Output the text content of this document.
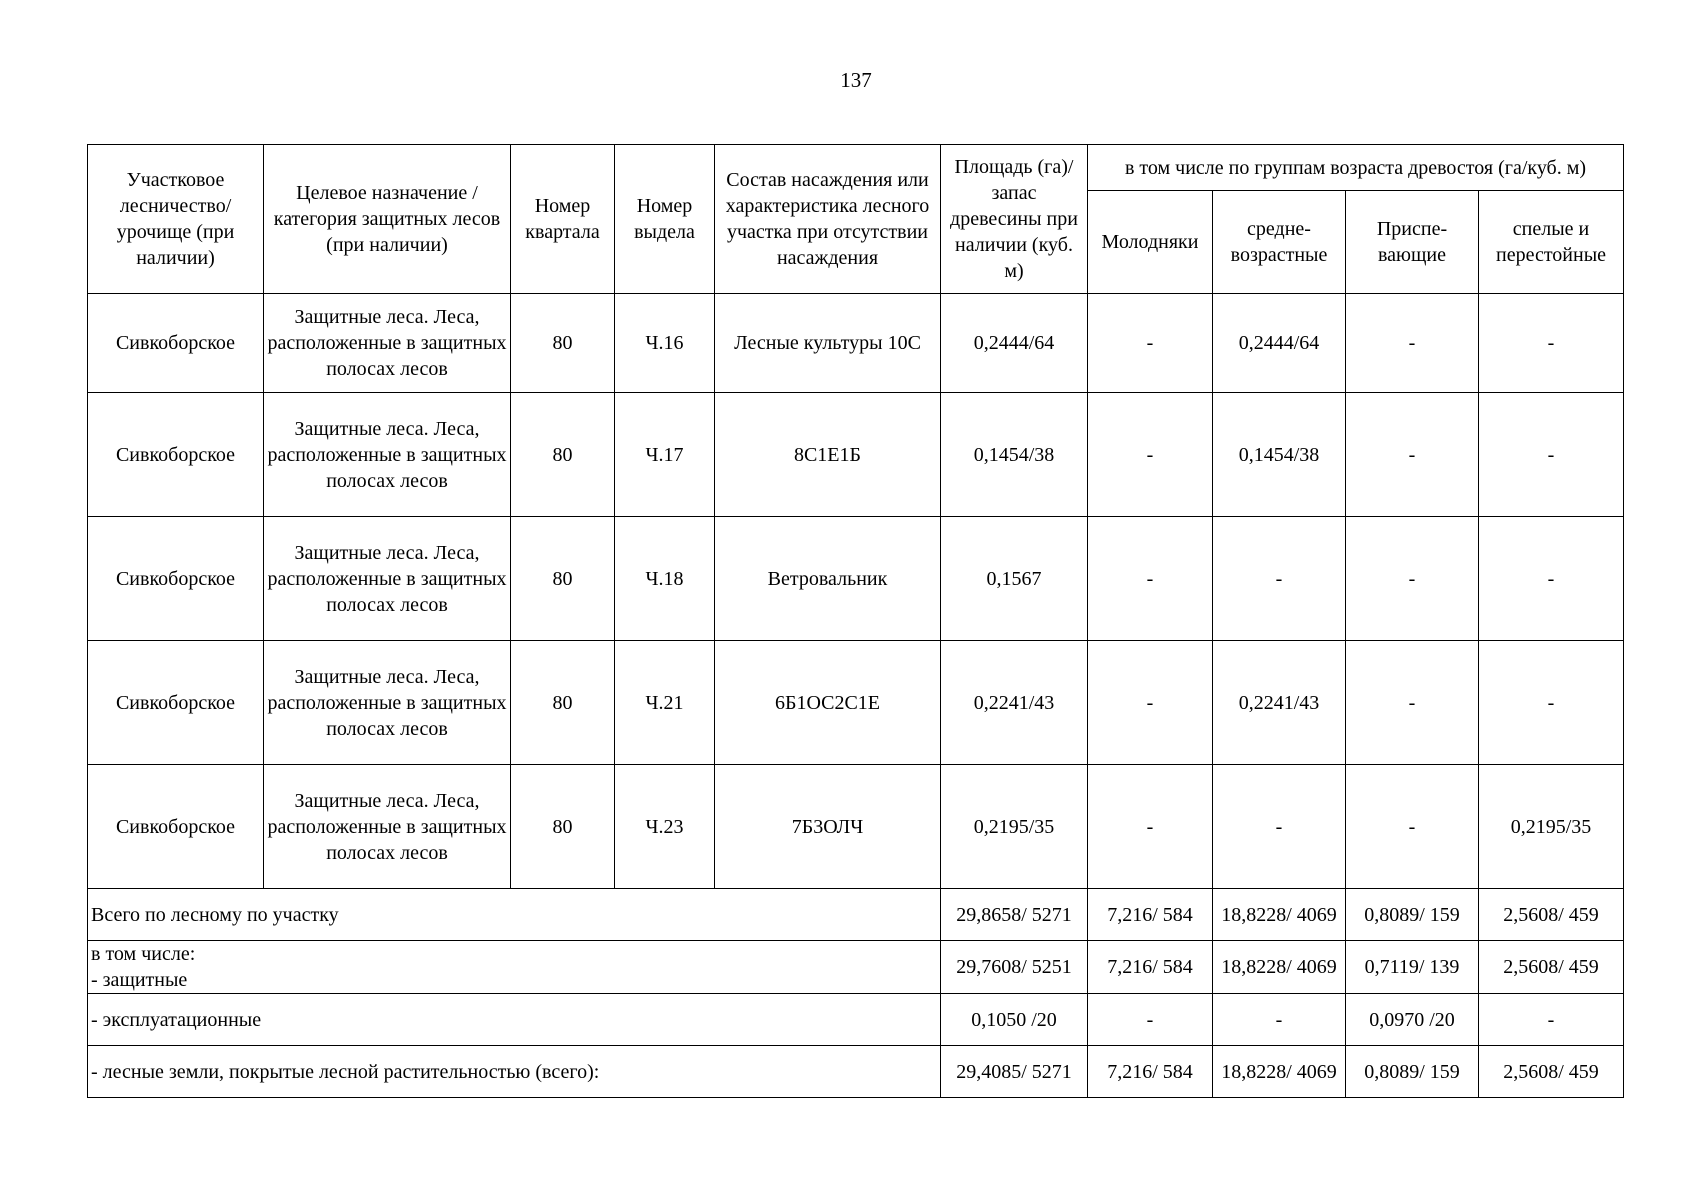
137
Участковое лесничество/ урочище (при наличии)	Целевое назначение / категория защитных лесов (при наличии)	Номер квартала	Номер выдела	Состав насаждения или характеристика лесного участка при отсутствии насаждения	Площадь (га)/ запас древесины при наличии (куб. м)	в том числе по группам возраста древостоя (га/куб. м)			
						Молодняки	средне-возрастные	Приспе-вающие	спелые и перестойные
Сивкоборское	Защитные леса. Леса, расположенные в защитных полосах лесов	80	Ч.16	Лесные культуры 10С	0,2444/64	-	0,2444/64	-	-
Сивкоборское	Защитные леса. Леса, расположенные в защитных полосах лесов	80	Ч.17	8С1Е1Б	0,1454/38	-	0,1454/38	-	-
Сивкоборское	Защитные леса. Леса, расположенные в защитных полосах лесов	80	Ч.18	Ветровальник	0,1567	-	-	-	-
Сивкоборское	Защитные леса. Леса, расположенные в защитных полосах лесов	80	Ч.21	6Б1ОС2С1Е	0,2241/43	-	0,2241/43	-	-
Сивкоборское	Защитные леса. Леса, расположенные в защитных полосах лесов	80	Ч.23	7Б3ОЛЧ	0,2195/35	-	-	-	0,2195/35
Всего по лесному по участку					29,8658/ 5271	7,216/ 584	18,8228/ 4069	0,8089/ 159	2,5608/ 459

в том числе:
- защитные					29,7608/ 5251	7,216/ 584	18,8228/ 4069	0,7119/ 139	2,5608/ 459
- эксплуатационные					0,1050 /20	-	-	0,0970 /20	-
- лесные земли, покрытые лесной растительностью (всего):					29,4085/ 5271	7,216/ 584	18,8228/ 4069	0,8089/ 159	2,5608/ 459
